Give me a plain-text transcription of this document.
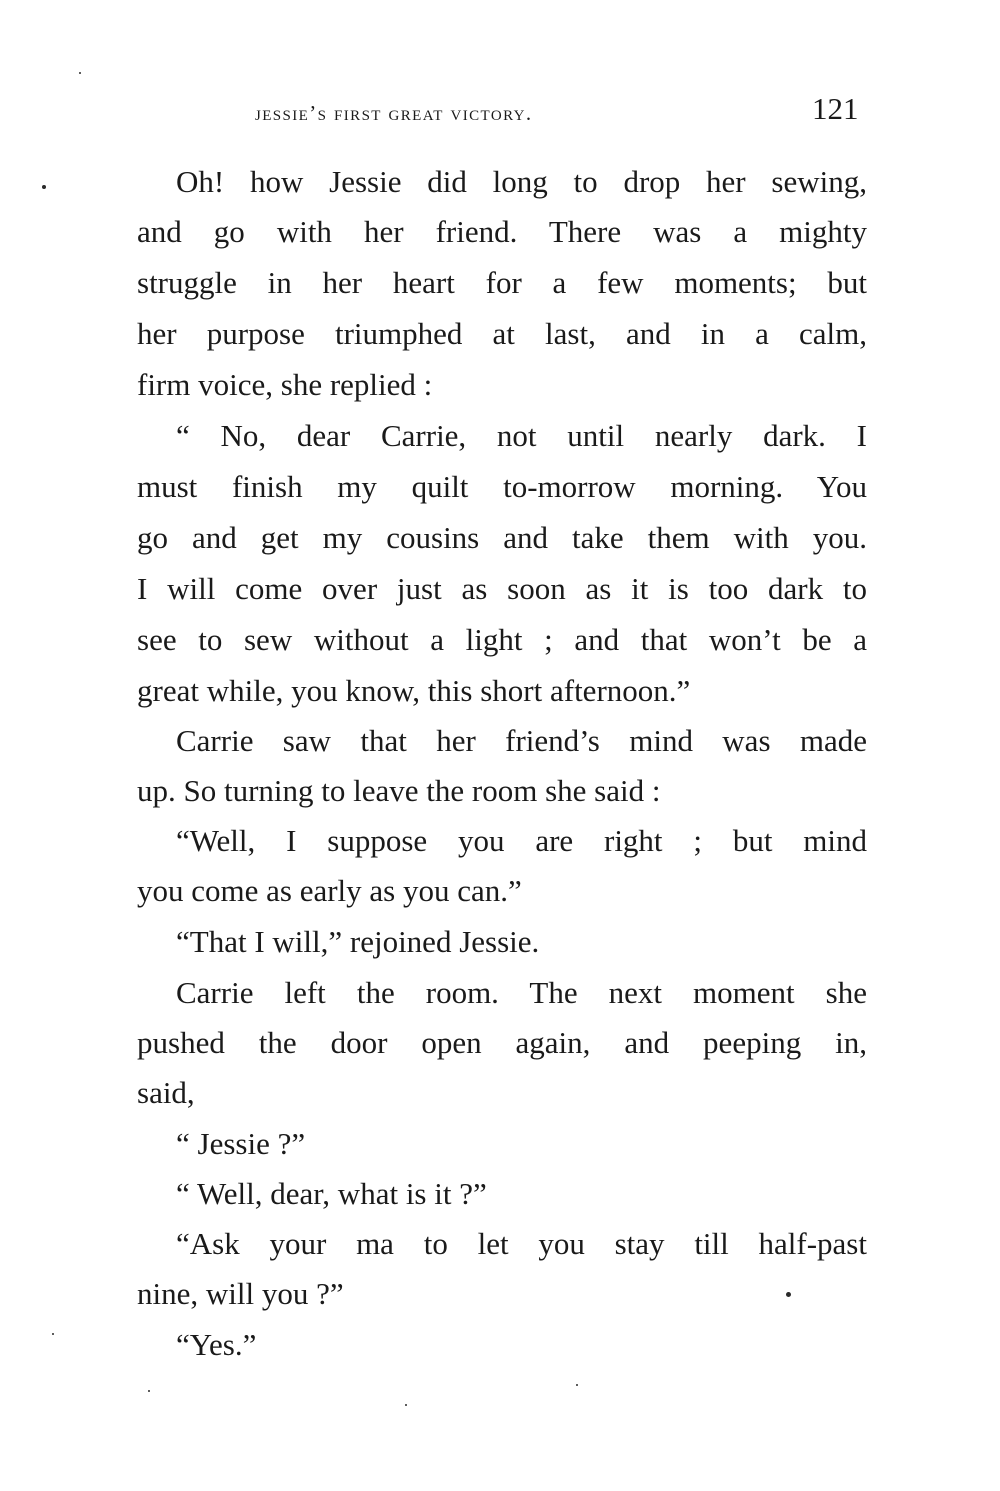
jessie’s first great victory.	121
Oh! how Jessie did long to drop her sewing,
and go with her friend. There was a mighty
struggle in her heart for a few moments; but
her purpose triumphed at last, and in a calm,
firm voice, she replied :
“ No, dear Carrie, not until nearly dark. I
must finish my quilt to-morrow morning. You
go and get my cousins and take them with you.
I will come over just as soon as it is too dark to
see to sew without a light ; and that won’t be a
great while, you know, this short afternoon.”
Carrie saw that her friend’s mind was made
up. So turning to leave the room she said :
“Well, I suppose you are right ; but mind
you come as early as you can.”
“That I will,” rejoined Jessie.
Carrie left the room. The next moment she
pushed the door open again, and peeping in,
said,
“ Jessie ?”
“ Well, dear, what is it ?”
“Ask your ma to let you stay till half-past
nine, will you ?”
“Yes.”
